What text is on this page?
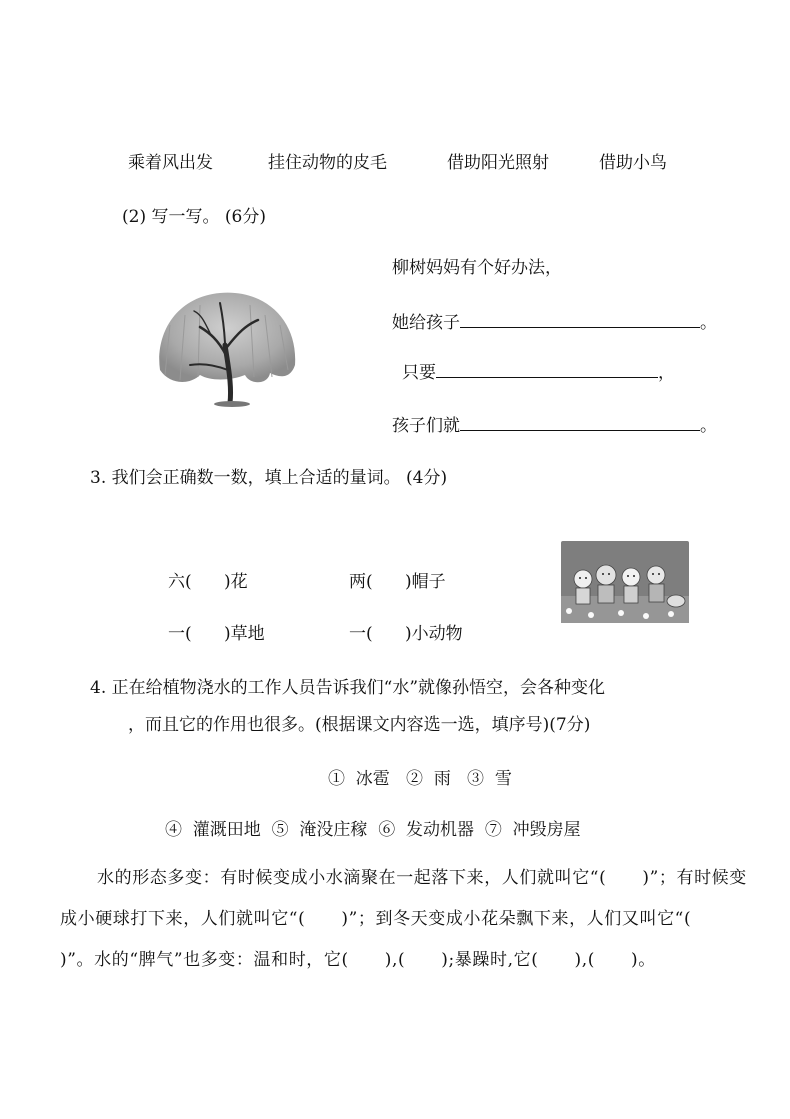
乘着风出发	挂住动物的皮毛	借助阳光照射	借助小鸟
(2) 写一写。 (6分)
柳树妈妈有个好办法，
她给孩子	。
只要	，
孩子们就	。
3. 我们会正确数一数，填上合适的量词。 (4分)
六(      )花	两(      )帽子
一(      )草地	一(      )小动物
4. 正在给植物浇水的工作人员告诉我们“水”就像孙悟空，会各种变化
，而且它的作用也很多。(根据课文内容选一选，填序号)(7分)
①  冰雹   ②  雨   ③  雪
④  灌溉田地  ⑤  淹没庄稼  ⑥  发动机器  ⑦  冲毁房屋
水的形态多变：有时候变成小水滴聚在一起落下来，人们就叫它“(      )”；有时候变成小硬球打下来，人们就叫它“(      )”；到冬天变成小花朵飘下来，人们又叫它“(     )”。水的“脾气”也多变：温和时，它(      ),(      );暴躁时,它(      ),(      )。
